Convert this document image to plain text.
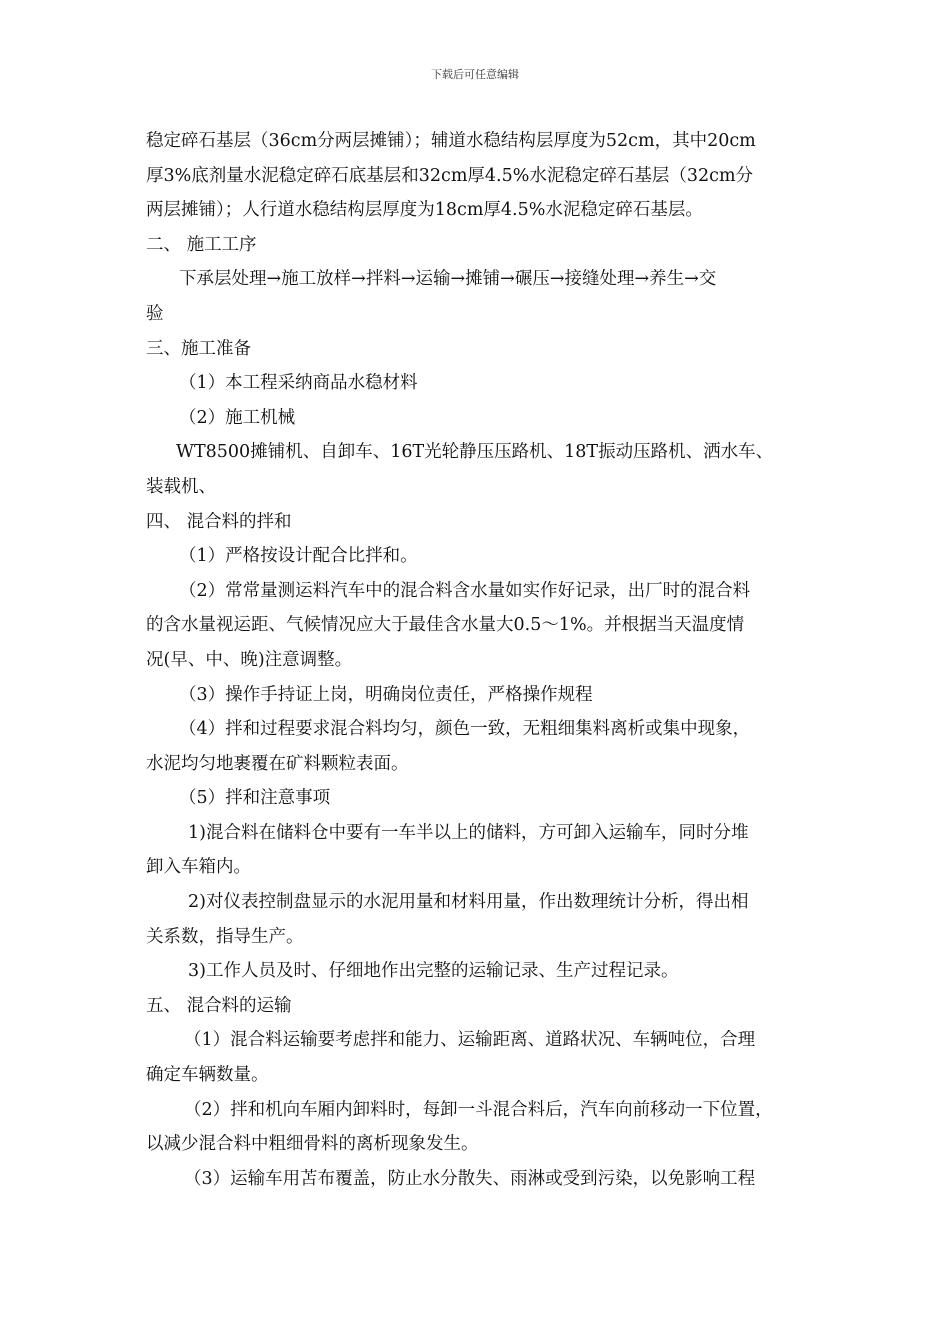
下载后可任意编辑
稳定碎石基层（36cm分两层摊铺）；辅道水稳结构层厚度为52cm，其中20cm
厚3%底剂量水泥稳定碎石底基层和32cm厚4.5%水泥稳定碎石基层（32cm分
两层摊铺）；人行道水稳结构层厚度为18cm厚4.5%水泥稳定碎石基层。
二、 施工工序
下承层处理→施工放样→拌料→运输→摊铺→碾压→接缝处理→养生→交
验
三、施工准备
（1）本工程采纳商品水稳材料
（2）施工机械
WT8500摊铺机、自卸车、16T光轮静压压路机、18T振动压路机、洒水车、
装载机、
四、 混合料的拌和
（1）严格按设计配合比拌和。
（2）常常量测运料汽车中的混合料含水量如实作好记录，出厂时的混合料
的含水量视运距、气候情况应大于最佳含水量大0.5～1%。并根据当天温度情
况(早、中、晚)注意调整。
（3）操作手持证上岗，明确岗位责任，严格操作规程
（4）拌和过程要求混合料均匀，颜色一致，无粗细集料离析或集中现象，
水泥均匀地裹覆在矿料颗粒表面。
（5）拌和注意事项
1)混合料在储料仓中要有一车半以上的储料，方可卸入运输车，同时分堆
卸入车箱内。
2)对仪表控制盘显示的水泥用量和材料用量，作出数理统计分析，得出相
关系数，指导生产。
3)工作人员及时、仔细地作出完整的运输记录、生产过程记录。
五、 混合料的运输
（1）混合料运输要考虑拌和能力、运输距离、道路状况、车辆吨位，合理
确定车辆数量。
（2）拌和机向车厢内卸料时，每卸一斗混合料后，汽车向前移动一下位置，
以减少混合料中粗细骨料的离析现象发生。
（3）运输车用苫布覆盖，防止水分散失、雨淋或受到污染，以免影响工程
